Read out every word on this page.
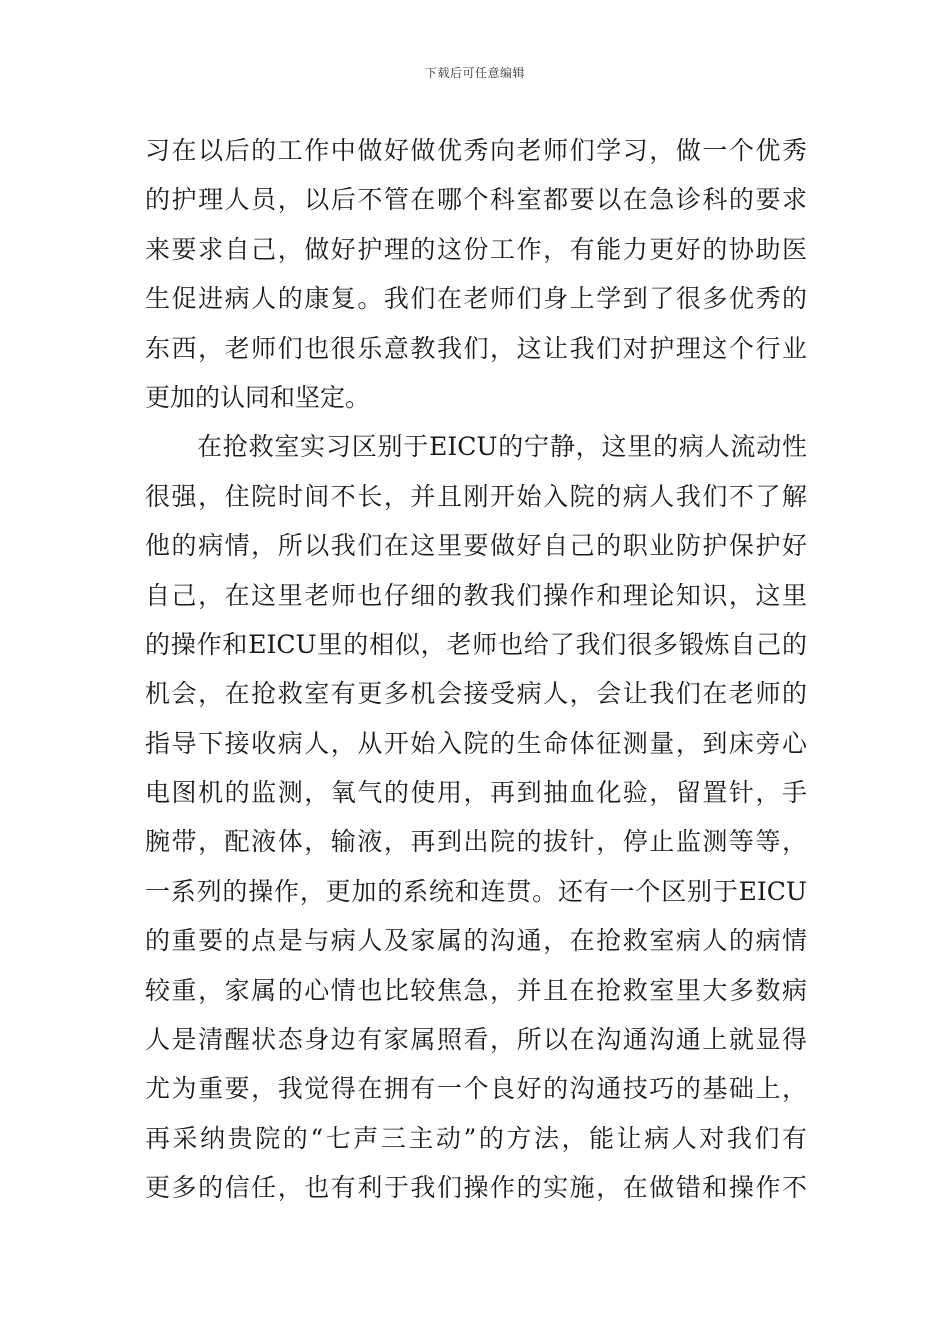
下载后可任意编辑
习在以后的工作中做好做优秀向老师们学习，做一个优秀
的护理人员，以后不管在哪个科室都要以在急诊科的要求
来要求自己，做好护理的这份工作，有能力更好的协助医
生促进病人的康复。我们在老师们身上学到了很多优秀的
东西，老师们也很乐意教我们，这让我们对护理这个行业
更加的认同和坚定。
在抢救室实习区别于EICU的宁静，这里的病人流动性
很强，住院时间不长，并且刚开始入院的病人我们不了解
他的病情，所以我们在这里要做好自己的职业防护保护好
自己，在这里老师也仔细的教我们操作和理论知识，这里
的操作和EICU里的相似，老师也给了我们很多锻炼自己的
机会，在抢救室有更多机会接受病人，会让我们在老师的
指导下接收病人，从开始入院的生命体征测量，到床旁心
电图机的监测，氧气的使用，再到抽血化验，留置针，手
腕带，配液体，输液，再到出院的拔针，停止监测等等，
一系列的操作，更加的系统和连贯。还有一个区别于EICU
的重要的点是与病人及家属的沟通，在抢救室病人的病情
较重，家属的心情也比较焦急，并且在抢救室里大多数病
人是清醒状态身边有家属照看，所以在沟通沟通上就显得
尤为重要，我觉得在拥有一个良好的沟通技巧的基础上，
再采纳贵院的“七声三主动”的方法，能让病人对我们有
更多的信任，也有利于我们操作的实施，在做错和操作不
